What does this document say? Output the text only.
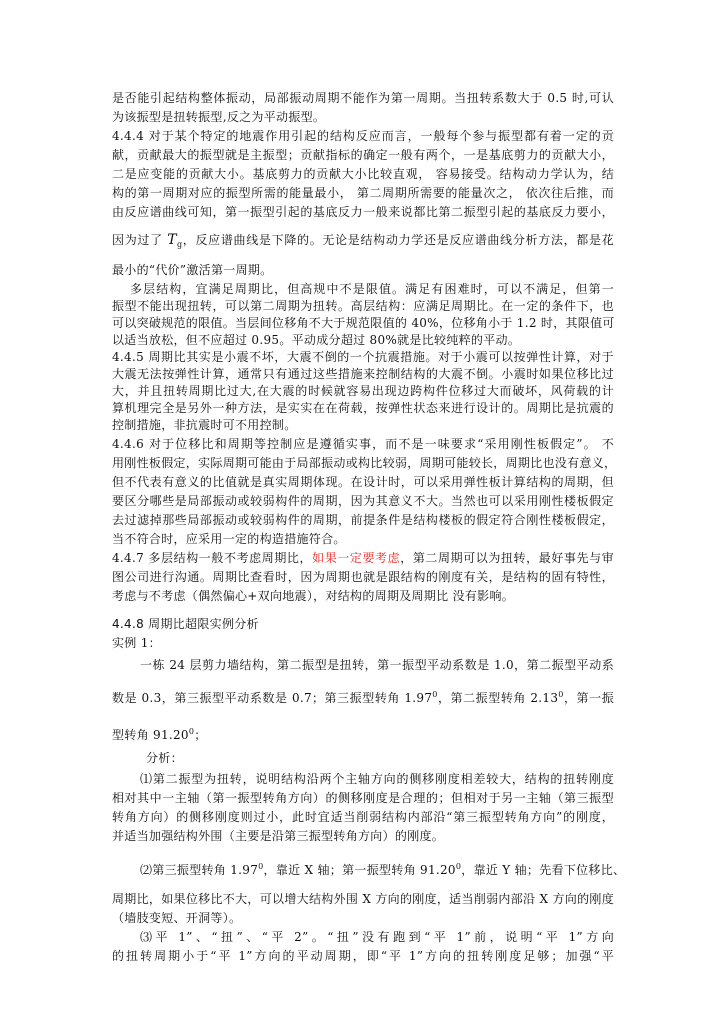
是否能引起结构整体振动，局部振动周期不能作为第一周期。当扭转系数大于 0.5 时,可认
为该振型是扭转振型,反之为平动振型。
4.4.4 对于某个特定的地震作用引起的结构反应而言，一般每个参与振型都有着一定的贡
献，贡献最大的振型就是主振型；贡献指标的确定一般有两个，一是基底剪力的贡献大小，
二是应变能的贡献大小。基底剪力的贡献大小比较直观， 容易接受。结构动力学认为，结
构的第一周期对应的振型所需的能量最小， 第二周期所需要的能量次之， 依次往后推，而
由反应谱曲线可知，第一振型引起的基底反力一般来说都比第二振型引起的基底反力要小，
因为过了 $T_g$，反应谱曲线是下降的。无论是结构动力学还是反应谱曲线分析方法，都是花
最小的“代价”激活第一周期。
多层结构，宜满足周期比，但高规中不是限值。满足有困难时，可以不满足，但第一
振型不能出现扭转，可以第二周期为扭转。高层结构：应满足周期比。在一定的条件下，也
可以突破规范的限值。当层间位移角不大于规范限值的 40%，位移角小于 1.2 时，其限值可
以适当放松，但不应超过 0.95。平动成分超过 80%就是比较纯粹的平动。
4.4.5 周期比其实是小震不坏，大震不倒的一个抗震措施。对于小震可以按弹性计算，对于
大震无法按弹性计算，通常只有通过这些措施来控制结构的大震不倒。小震时如果位移比过
大，并且扭转周期比过大,在大震的时候就容易出现边跨构件位移过大而破坏，风荷载的计
算机理完全是另外一种方法，是实实在在荷载，按弹性状态来进行设计的。周期比是抗震的
控制措施，非抗震时可不用控制。
4.4.6 对于位移比和周期等控制应是遵循实事，而不是一味要求“采用刚性板假定”。 不
用刚性板假定，实际周期可能由于局部振动或构比较弱，周期可能较长，周期比也没有意义，
但不代表有意义的比值就是真实周期体现。在设计时，可以采用弹性板计算结构的周期，但
要区分哪些是局部振动或较弱构件的周期，因为其意义不大。当然也可以采用刚性楼板假定
去过滤掉那些局部振动或较弱构件的周期，前提条件是结构楼板的假定符合刚性楼板假定，
当不符合时，应采用一定的构造措施符合。
4.4.7 多层结构一般不考虑周期比，如果一定要考虑，第二周期可以为扭转，最好事先与审
图公司进行沟通。周期比查看时，因为周期也就是跟结构的刚度有关，是结构的固有特性，
考虑与不考虑（偶然偏心+双向地震），对结构的周期及周期比 没有影响。
4.4.8 周期比超限实例分析
实例 1：
一栋 24 层剪力墙结构，第二振型是扭转，第一振型平动系数是 1.0，第二振型平动系
数是 0.3，第三振型平动系数是 0.7；第三振型转角 1.97$^0$，第二振型转角 2.13$^0$，第一振
型转角 91.20$^0$；
分析：
⑴第二振型为扭转，说明结构沿两个主轴方向的侧移刚度相差较大，结构的扭转刚度
相对其中一主轴（第一振型转角方向）的侧移刚度是合理的；但相对于另一主轴（第三振型
转角方向）的侧移刚度则过小，此时宜适当削弱结构内部沿“第三振型转角方向”的刚度，
并适当加强结构外围（主要是沿第三振型转角方向）的刚度。
⑵第三振型转角 1.97$^0$，靠近 X 轴；第一振型转角 91.20$^0$，靠近 Y 轴；先看下位移比、
周期比，如果位移比不大，可以增大结构外围 X 方向的刚度，适当削弱内部沿 X 方向的刚度
（墙肢变短、开洞等）。
⑶平 1”、“扭”、“平 2”。“扭”没有跑到“平 1”前，说明“平 1”方向
的扭转周期小于“平 1”方向的平动周期，即“平 1”方向的扭转刚度足够；加强“平
